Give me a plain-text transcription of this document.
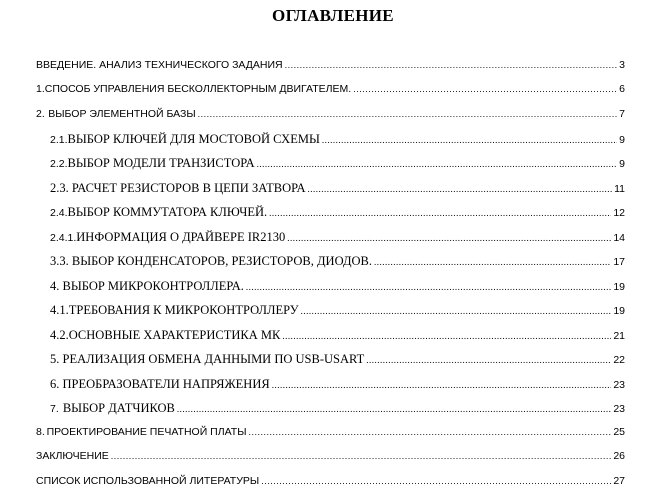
ОГЛАВЛЕНИЕ
ВВЕДЕНИЕ. АНАЛИЗ ТЕХНИЧЕСКОГО ЗАДАНИЯ .....	3
1. СПОСОБ УПРАВЛЕНИЯ БЕСКОЛЛЕКТОРНЫМ ДВИГАТЕЛЕМ. .....	6
2. ВЫБОР ЭЛЕМЕНТНОЙ БАЗЫ .....	7
2.1. ВЫБОР КЛЮЧЕЙ ДЛЯ МОСТОВОЙ СХЕМЫ .....	9
2.2. ВЫБОР МОДЕЛИ ТРАНЗИСТОРА .....	9
2.3. РАСЧЕТ РЕЗИСТОРОВ В ЦЕПИ ЗАТВОРА .....	11
2.4. ВЫБОР КОММУТАТОРА КЛЮЧЕЙ. .....	12
2.4.1. ИНФОРМАЦИЯ О ДРАЙВЕРЕ IR2130 .....	14
3.3. ВЫБОР КОНДЕНСАТОРОВ, РЕЗИСТОРОВ, ДИОДОВ. .....	17
4. ВЫБОР МИКРОКОНТРОЛЛЕРА. .....	19
4.1.ТРЕБОВАНИЯ К МИКРОКОНТРОЛЛЕРУ .....	19
4.2.ОСНОВНЫЕ ХАРАКТЕРИСТИКА МК .....	21
5. РЕАЛИЗАЦИЯ ОБМЕНА ДАННЫМИ ПО USB-USART .....	22
6. ПРЕОБРАЗОВАТЕЛИ НАПРЯЖЕНИЯ .....	23
7. ВЫБОР ДАТЧИКОВ .....	23
8. ПРОЕКТИРОВАНИЕ ПЕЧАТНОЙ ПЛАТЫ .....	25
ЗАКЛЮЧЕНИЕ .....	26
СПИСОК ИСПОЛЬЗОВАННОЙ ЛИТЕРАТУРЫ .....	27
